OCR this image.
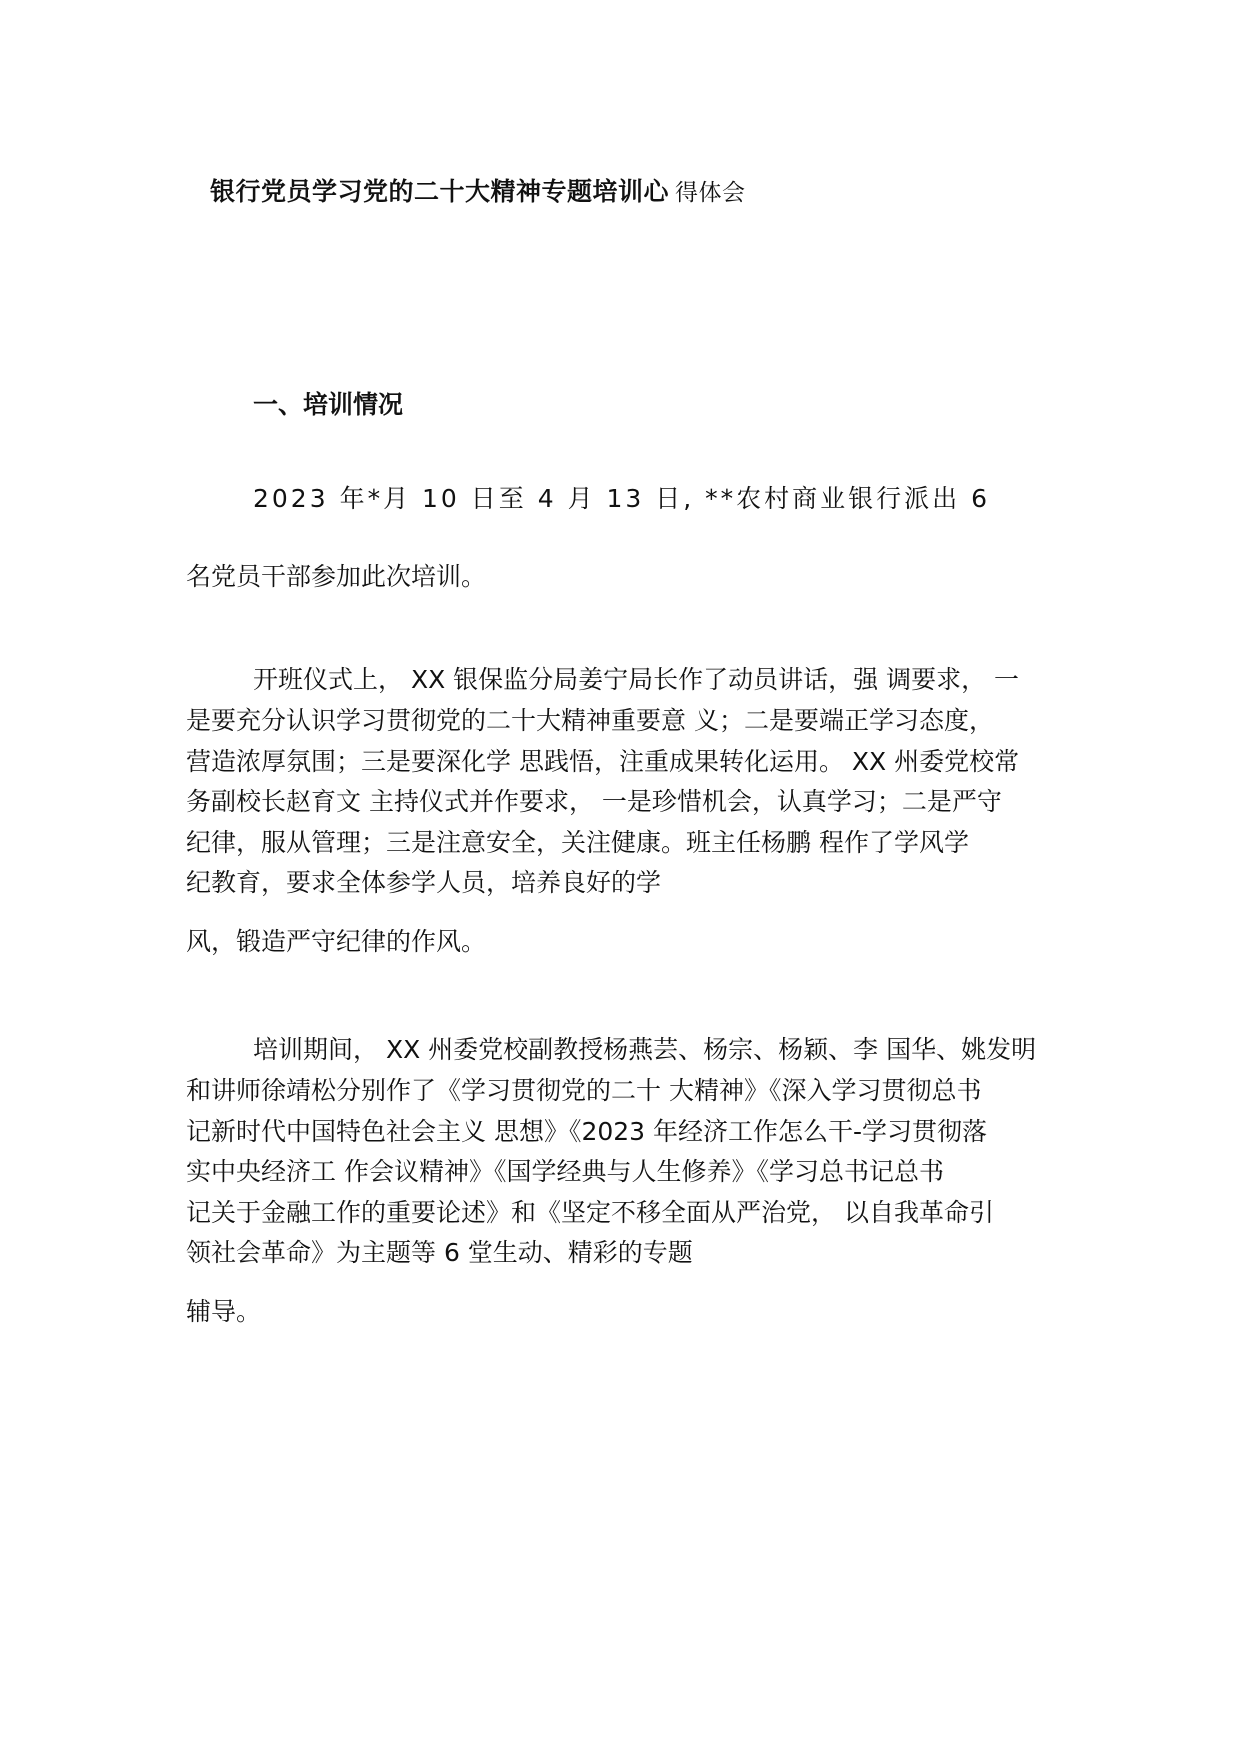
银行党员学习党的二十大精神专题培训心 得体会
一、培训情况
2023 年*月 10 日至 4 月 13 日, **农村商业银行派出 6
名党员干部参加此次培训。
开班仪式上， XX 银保监分局姜宁局长作了动员讲话，强 调要求， 一
是要充分认识学习贯彻党的二十大精神重要意 义；二是要端正学习态度，
营造浓厚氛围；三是要深化学 思践悟，注重成果转化运用。 XX 州委党校常
务副校长赵育文 主持仪式并作要求， 一是珍惜机会，认真学习；二是严守
纪律，服从管理；三是注意安全，关注健康。班主任杨鹏 程作了学风学
纪教育，要求全体参学人员，培养良好的学
风，锻造严守纪律的作风。
培训期间， XX 州委党校副教授杨燕芸、杨宗、杨颖、李 国华、姚发明
和讲师徐靖松分别作了《学习贯彻党的二十 大精神》《深入学习贯彻总书
记新时代中国特色社会主义 思想》《2023 年经济工作怎么干-学习贯彻落
实中央经济工 作会议精神》《国学经典与人生修养》《学习总书记总书
记关于金融工作的重要论述》和《坚定不移全面从严治党， 以自我革命引
领社会革命》为主题等 6 堂生动、精彩的专题
辅导。
